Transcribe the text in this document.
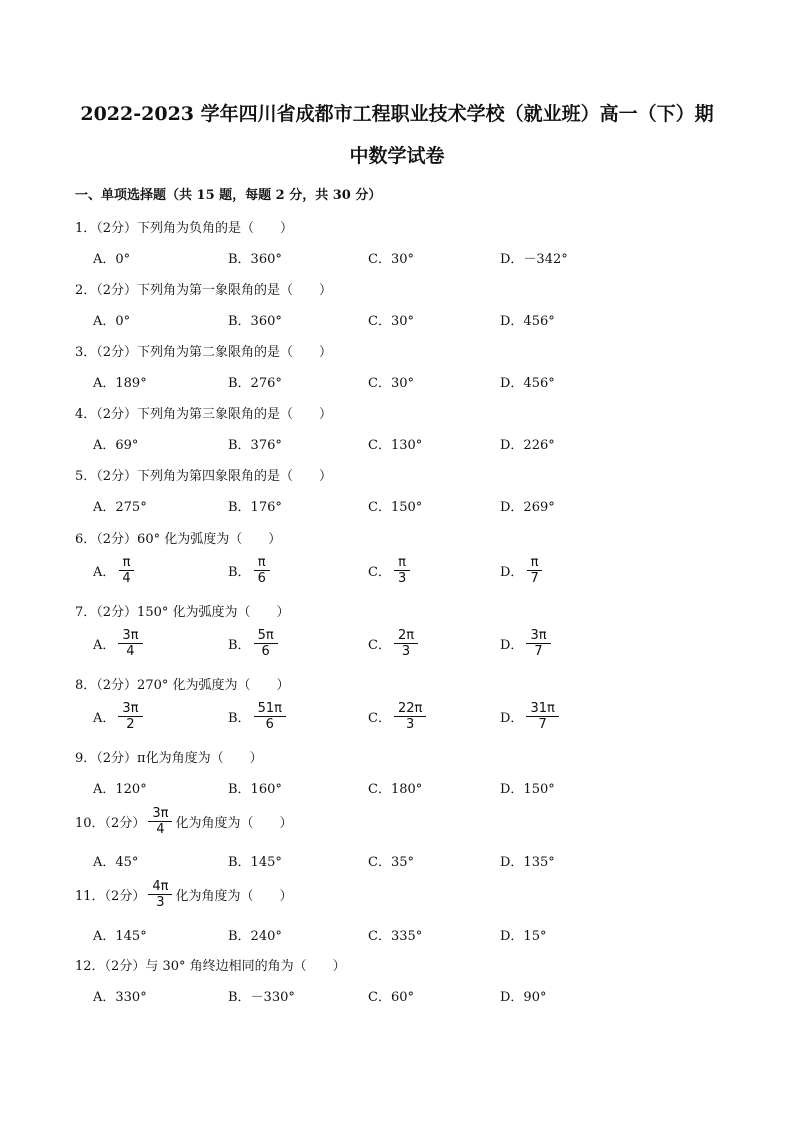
2022-2023 学年四川省成都市工程职业技术学校（就业班）高一（下）期
中数学试卷
一、单项选择题（共 15 题，每题 2 分，共 30 分）
1．（2分）下列角为负角的是（　　）
A．0°	B．360°	C．30°	D．－342°
2．（2分）下列角为第一象限角的是（　　）
A．0°	B．360°	C．30°	D．456°
3．（2分）下列角为第二象限角的是（　　）
A．189°	B．276°	C．30°	D．456°
4．（2分）下列角为第三象限角的是（　　）
A．69°	B．376°	C．130°	D．226°
5．（2分）下列角为第四象限角的是（　　）
A．275°	B．176°	C．150°	D．269°
6．（2分）60° 化为弧度为（　　）
A． $\frac{\pi}{4}$	B． $\frac{\pi}{6}$	C． $\frac{\pi}{3}$	D． $\frac{\pi}{7}$
7．（2分）150° 化为弧度为（　　）
A． $\frac{3\pi}{4}$	B． $\frac{5\pi}{6}$	C． $\frac{2\pi}{3}$	D． $\frac{3\pi}{7}$
8．（2分）270° 化为弧度为（　　）
A． $\frac{3\pi}{2}$	B． $\frac{51\pi}{6}$	C． $\frac{22\pi}{3}$	D． $\frac{31\pi}{7}$
9．（2分）π化为角度为（　　）
A．120°	B．160°	C．180°	D．150°
10．（2分） $\frac{3\pi}{4}$ 化为角度为（　　）
A．45°	B．145°	C．35°	D．135°
11．（2分） $\frac{4\pi}{3}$ 化为角度为（　　）
A．145°	B．240°	C．335°	D．15°
12．（2分）与 30° 角终边相同的角为（　　）
A．330°	B．－330°	C．60°	D．90°
